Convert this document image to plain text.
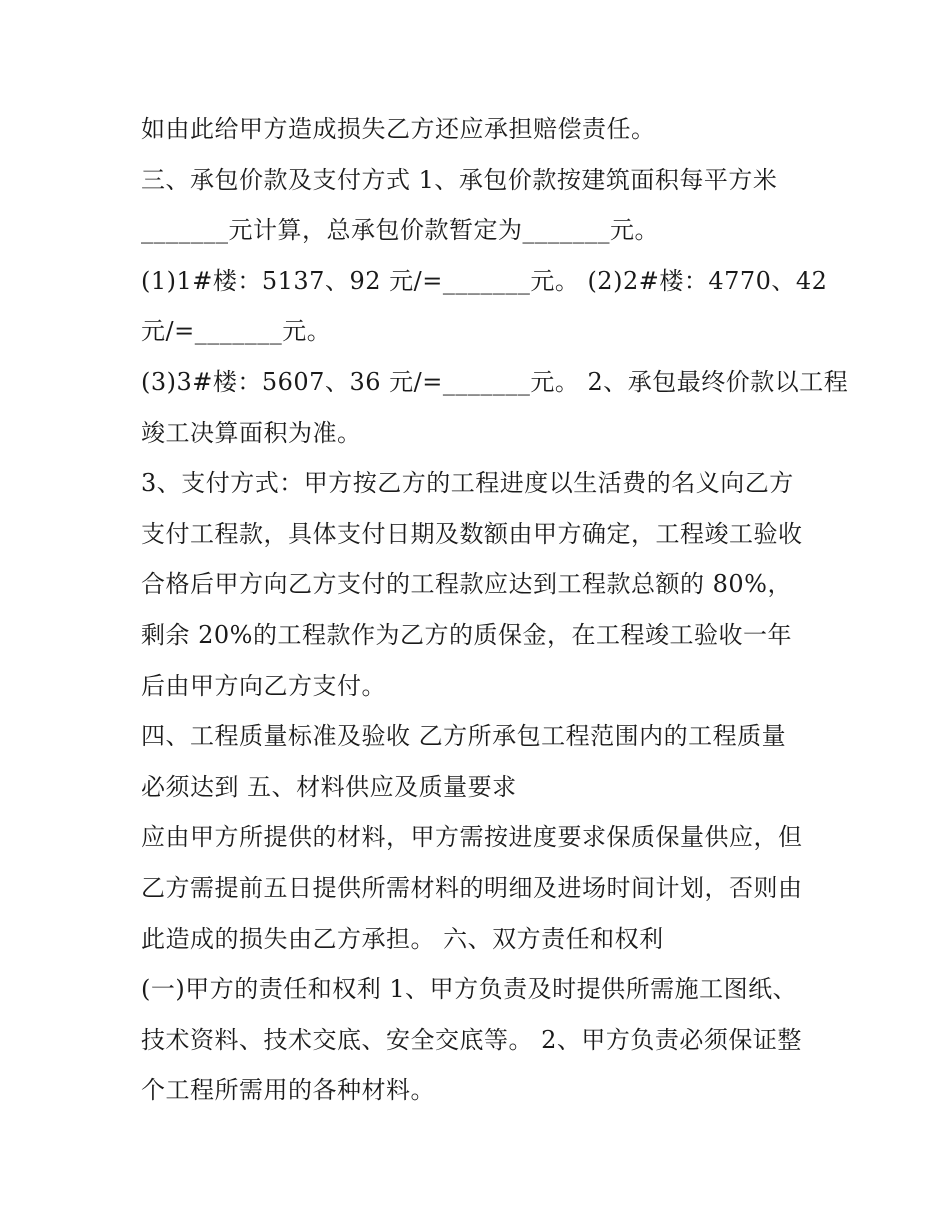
如由此给甲方造成损失乙方还应承担赔偿责任。
三、承包价款及支付方式 1、承包价款按建筑面积每平方米
_______元计算，总承包价款暂定为_______元。
(1)1#楼：5137、92 元/=_______元。 (2)2#楼：4770、42
元/=_______元。
(3)3#楼：5607、36 元/=_______元。 2、承包最终价款以工程
竣工决算面积为准。
3、支付方式：甲方按乙方的工程进度以生活费的名义向乙方
支付工程款，具体支付日期及数额由甲方确定，工程竣工验收
合格后甲方向乙方支付的工程款应达到工程款总额的 80%，
剩余 20%的工程款作为乙方的质保金，在工程竣工验收一年
后由甲方向乙方支付。
四、工程质量标准及验收 乙方所承包工程范围内的工程质量
必须达到 五、材料供应及质量要求
应由甲方所提供的材料，甲方需按进度要求保质保量供应，但
乙方需提前五日提供所需材料的明细及进场时间计划，否则由
此造成的损失由乙方承担。 六、双方责任和权利
(一)甲方的责任和权利 1、甲方负责及时提供所需施工图纸、
技术资料、技术交底、安全交底等。 2、甲方负责必须保证整
个工程所需用的各种材料。
